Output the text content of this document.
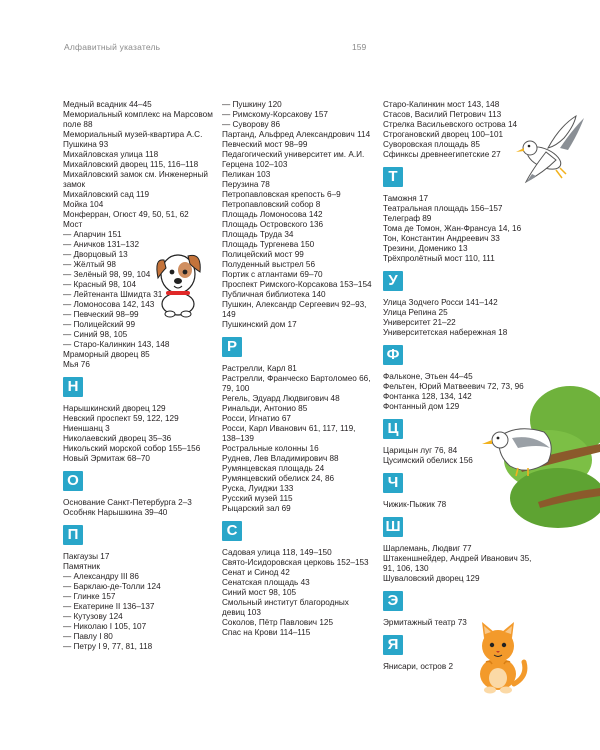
Алфавитный указатель	159
Медный всадник 44–45
Мемориальный комплекс на Марсовом поле 88
Мемориальный музей-квартира А.С. Пушкина 93
Михайловская улица 118
Михайловский дворец 115, 116–118
Михайловский замок см. Инженерный замок
Михайловский сад 119
Мойка 104
Монферран, Огюст 49, 50, 51, 62
Мост
— Апарчин 151
— Аничков 131–132
— Дворцовый 13
— Жёлтый 98
— Зелёный 98, 99, 104
— Красный 98, 104
— Лейтенанта Шмидта 31
— Ломоносова 142, 143
— Певческий 98–99
— Полицейский 99
— Синий 98, 105
— Старо-Калинкин 143, 148
Мраморный дворец 85
Мья 76
Н
Нарышкинский дворец 129
Невский проспект 59, 122, 129
Ниеншанц 3
Николаевский дворец 35–36
Никольский морской собор 155–156
Новый Эрмитаж 68–70
О
Основание Санкт-Петербурга 2–3
Особняк Нарышкина 39–40
П
Пакгаузы 17
Памятник
— Александру III 86
— Барклаю-де-Толли 124
— Глинке 157
— Екатерине II 136–137
— Кутузову 124
— Николаю I 105, 107
— Павлу I 80
— Петру I 9, 77, 81, 118
— Пушкину 120
— Римскому-Корсакову 157
— Суворову 86
Партанд, Альфред Александрович 114
Певческий мост 98–99
Педагогический университет им. А.И. Герцена 102–103
Пеликан 103
Перузина 78
Петропавловская крепость 6–9
Петропавловский собор 8
Площадь Ломоносова 142
Площадь Островского 136
Площадь Труда 34
Площадь Тургенева 150
Полицейский мост 99
Полуденный выстрел 56
Портик с атлантами 69–70
Проспект Римского-Корсакова 153–154
Публичная библиотека 140
Пушкин, Александр Сергеевич 92–93, 149
Пушкинский дом 17
Р
Растрелли, Карл 81
Растрелли, Франческо Бартоломео 66, 79, 100
Регель, Эдуард Людвигович 48
Ринальди, Антонио 85
Росси, Игнатио 67
Росси, Карл Иванович 61, 117, 119, 138–139
Ростральные колонны 16
Руднев, Лев Владимирович 88
Румянцевская площадь 24
Румянцевский обелиск 24, 86
Руска, Луиджи 133
Русский музей 115
Рыцарский зал 69
С
Садовая улица 118, 149–150
Свято-Исидоровская церковь 152–153
Сенат и Синод 42
Сенатская площадь 43
Синий мост 98, 105
Смольный институт благородных девиц 103
Соколов, Пётр Павлович 125
Спас на Крови 114–115
Старо-Калинкин мост 143, 148
Стасов, Василий Петрович 113
Стрелка Васильевского острова 14
Строгановский дворец 100–101
Суворовская площадь 85
Сфинксы древнеегипетские 27
Т
Таможня 17
Театральная площадь 156–157
Телеграф 89
Тома де Томон, Жан-Франсуа 14, 16
Тон, Константин Андреевич 33
Трезини, Доменико 13
Трёхпролётный мост 110, 111
У
Улица Зодчего Росси 141–142
Улица Репина 25
Университет 21–22
Университетская набережная 18
Ф
Фальконе, Этьен 44–45
Фельтен, Юрий Матвеевич 72, 73, 96
Фонтанка 128, 134, 142
Фонтанный дом 129
Ц
Царицын луг 76, 84
Цусимский обелиск 156
Ч
Чижик-Пыжик 78
Ш
Шарлемань, Людвиг 77
Штакеншнейдер, Андрей Иванович 35, 91, 106, 130
Шуваловский дворец 129
Э
Эрмитажный театр 73
Я
Янисари, остров 2
